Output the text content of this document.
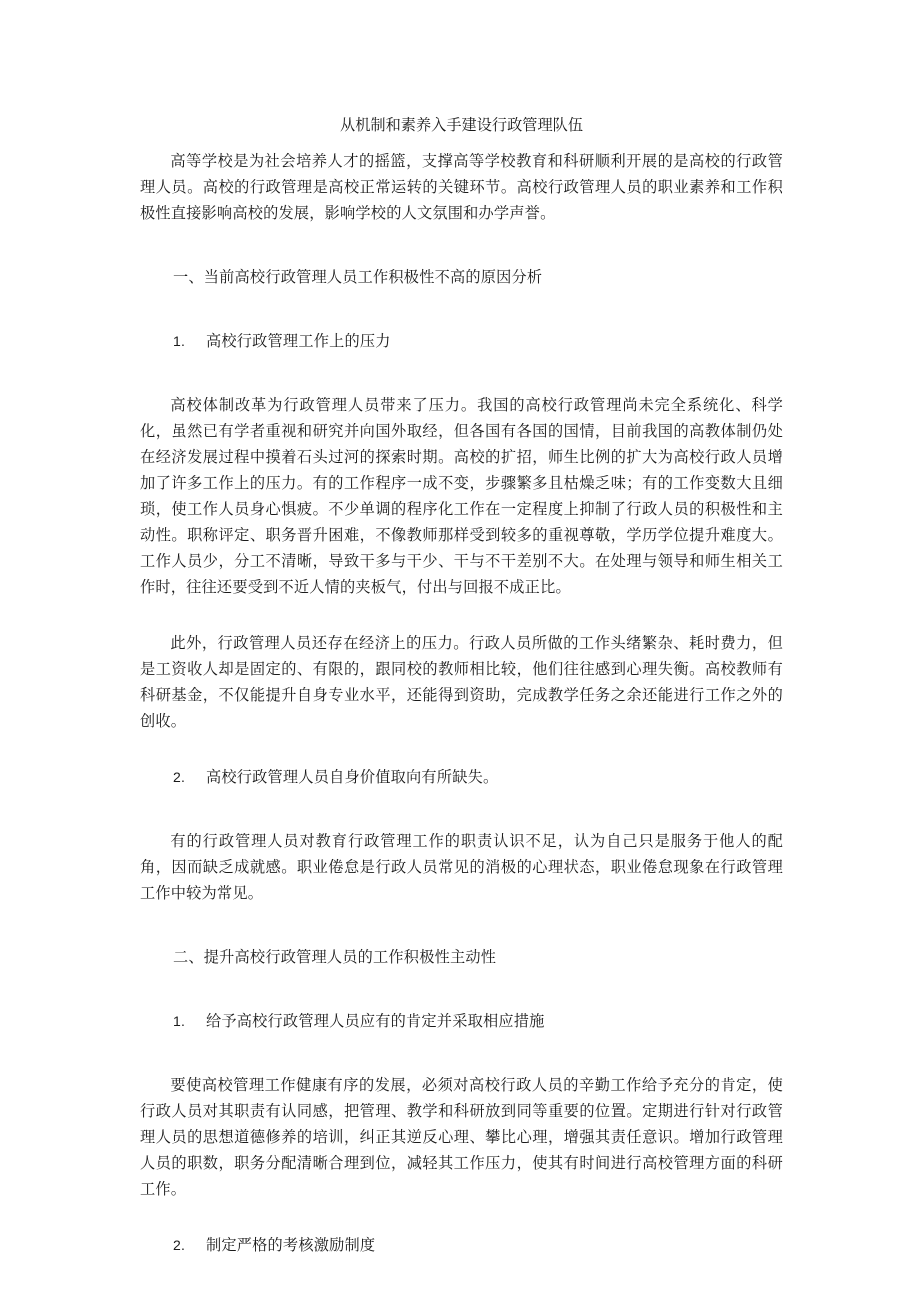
从机制和素养入手建设行政管理队伍

高等学校是为社会培养人才的摇篮，支撑高等学校教育和科研顺利开展的是高校的行政管理人员。高校的行政管理是高校正常运转的关键环节。高校行政管理人员的职业素养和工作积极性直接影响高校的发展，影响学校的人文氛围和办学声誉。

一、当前高校行政管理人员工作积极性不高的原因分析

1.	高校行政管理工作上的压力

高校体制改革为行政管理人员带来了压力。我国的高校行政管理尚未完全系统化、科学化，虽然已有学者重视和研究并向国外取经，但各国有各国的国情，目前我国的高教体制仍处在经济发展过程中摸着石头过河的探索时期。高校的扩招，师生比例的扩大为高校行政人员增加了许多工作上的压力。有的工作程序一成不变，步骤繁多且枯燥乏味；有的工作变数大且细琐，使工作人员身心惧疲。不少单调的程序化工作在一定程度上抑制了行政人员的积极性和主动性。职称评定、职务晋升困难，不像教师那样受到较多的重视尊敬，学历学位提升难度大。工作人员少，分工不清晰，导致干多与干少、干与不干差别不大。在处理与领导和师生相关工作时，往往还要受到不近人情的夹板气，付出与回报不成正比。

此外，行政管理人员还存在经济上的压力。行政人员所做的工作头绪繁杂、耗时费力，但是工资收人却是固定的、有限的，跟同校的教师相比较，他们往往感到心理失衡。高校教师有科研基金，不仅能提升自身专业水平，还能得到资助，完成教学任务之余还能进行工作之外的创收。

2.	高校行政管理人员自身价值取向有所缺失。

有的行政管理人员对教育行政管理工作的职责认识不足，认为自己只是服务于他人的配角，因而缺乏成就感。职业倦怠是行政人员常见的消极的心理状态，职业倦怠现象在行政管理工作中较为常见。

二、提升高校行政管理人员的工作积极性主动性

1.	给予高校行政管理人员应有的肯定并采取相应措施

要使高校管理工作健康有序的发展，必须对高校行政人员的辛勤工作给予充分的肯定，使行政人员对其职责有认同感，把管理、教学和科研放到同等重要的位置。定期进行针对行政管理人员的思想道德修养的培训，纠正其逆反心理、攀比心理，增强其责任意识。增加行政管理人员的职数，职务分配清晰合理到位，减轻其工作压力，使其有时间进行高校管理方面的科研工作。

2.	制定严格的考核激励制度
